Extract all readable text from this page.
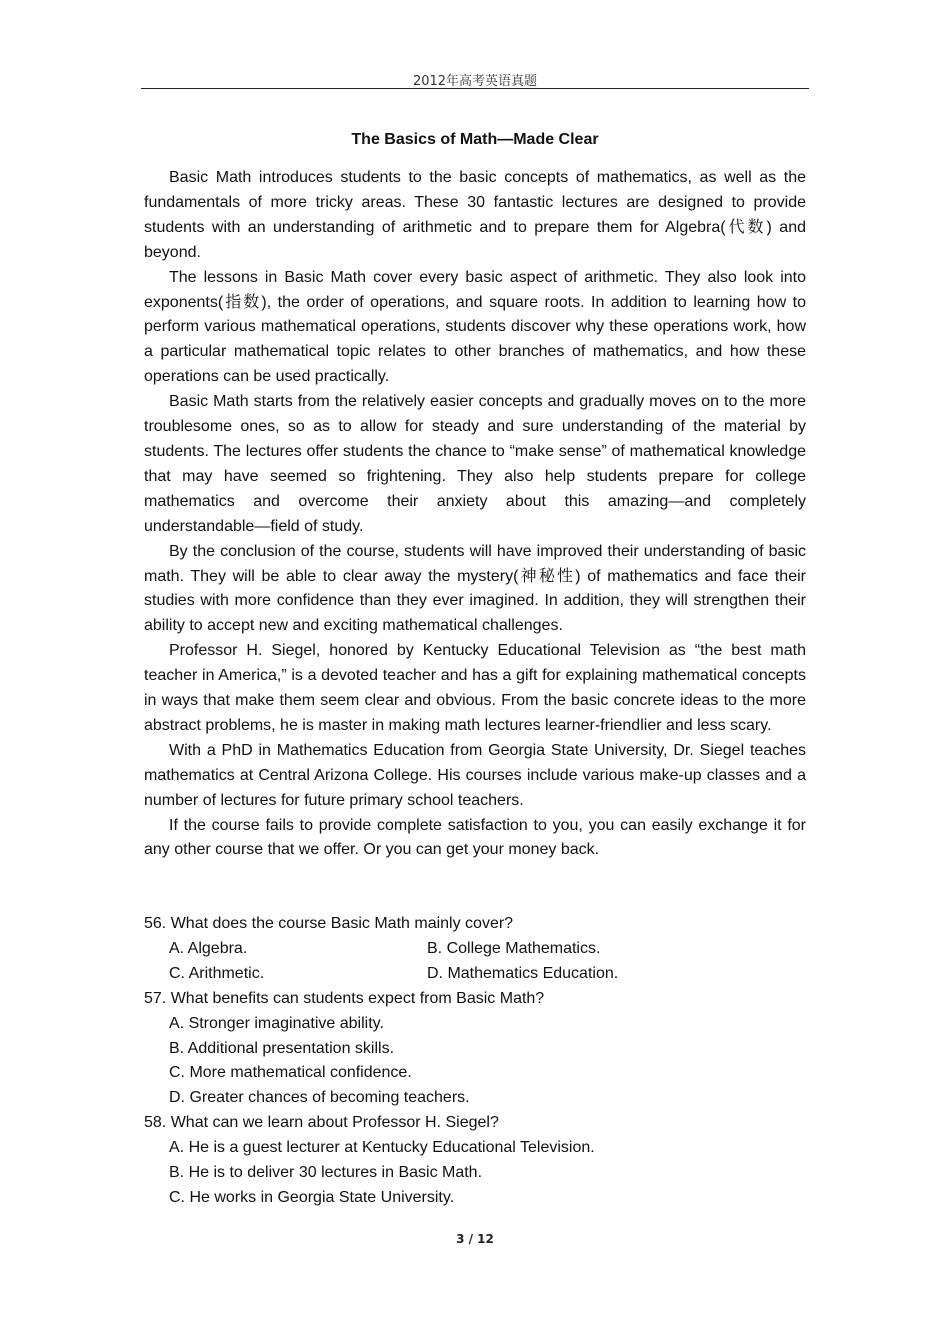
2012年高考英语真题
The Basics of Math—Made Clear

Basic Math introduces students to the basic concepts of mathematics, as well as the fundamentals of more tricky areas. These 30 fantastic lectures are designed to provide students with an understanding of arithmetic and to prepare them for Algebra(代数) and beyond.

The lessons in Basic Math cover every basic aspect of arithmetic. They also look into exponents(指数), the order of operations, and square roots. In addition to learning how to perform various mathematical operations, students discover why these operations work, how a particular mathematical topic relates to other branches of mathematics, and how these operations can be used practically.

Basic Math starts from the relatively easier concepts and gradually moves on to the more troublesome ones, so as to allow for steady and sure understanding of the material by students. The lectures offer students the chance to “make sense” of mathematical knowledge that may have seemed so frightening. They also help students prepare for college mathematics and overcome their anxiety about this amazing—and completely understandable—field of study.

By the conclusion of the course, students will have improved their understanding of basic math. They will be able to clear away the mystery(神秘性) of mathematics and face their studies with more confidence than they ever imagined. In addition, they will strengthen their ability to accept new and exciting mathematical challenges.

Professor H. Siegel, honored by Kentucky Educational Television as “the best math teacher in America,” is a devoted teacher and has a gift for explaining mathematical concepts in ways that make them seem clear and obvious. From the basic concrete ideas to the more abstract problems, he is master in making math lectures learner-friendlier and less scary.

With a PhD in Mathematics Education from Georgia State University, Dr. Siegel teaches mathematics at Central Arizona College. His courses include various make-up classes and a number of lectures for future primary school teachers.

If the course fails to provide complete satisfaction to you, you can easily exchange it for any other course that we offer. Or you can get your money back.

56. What does the course Basic Math mainly cover?

A. Algebra.	B. College Mathematics.
C. Arithmetic.	D. Mathematics Education.

57. What benefits can students expect from Basic Math?

A. Stronger imaginative ability.

B. Additional presentation skills.

C. More mathematical confidence.

D. Greater chances of becoming teachers.

58. What can we learn about Professor H. Siegel?

A. He is a guest lecturer at Kentucky Educational Television.

B. He is to deliver 30 lectures in Basic Math.

C. He works in Georgia State University.

3 / 12
